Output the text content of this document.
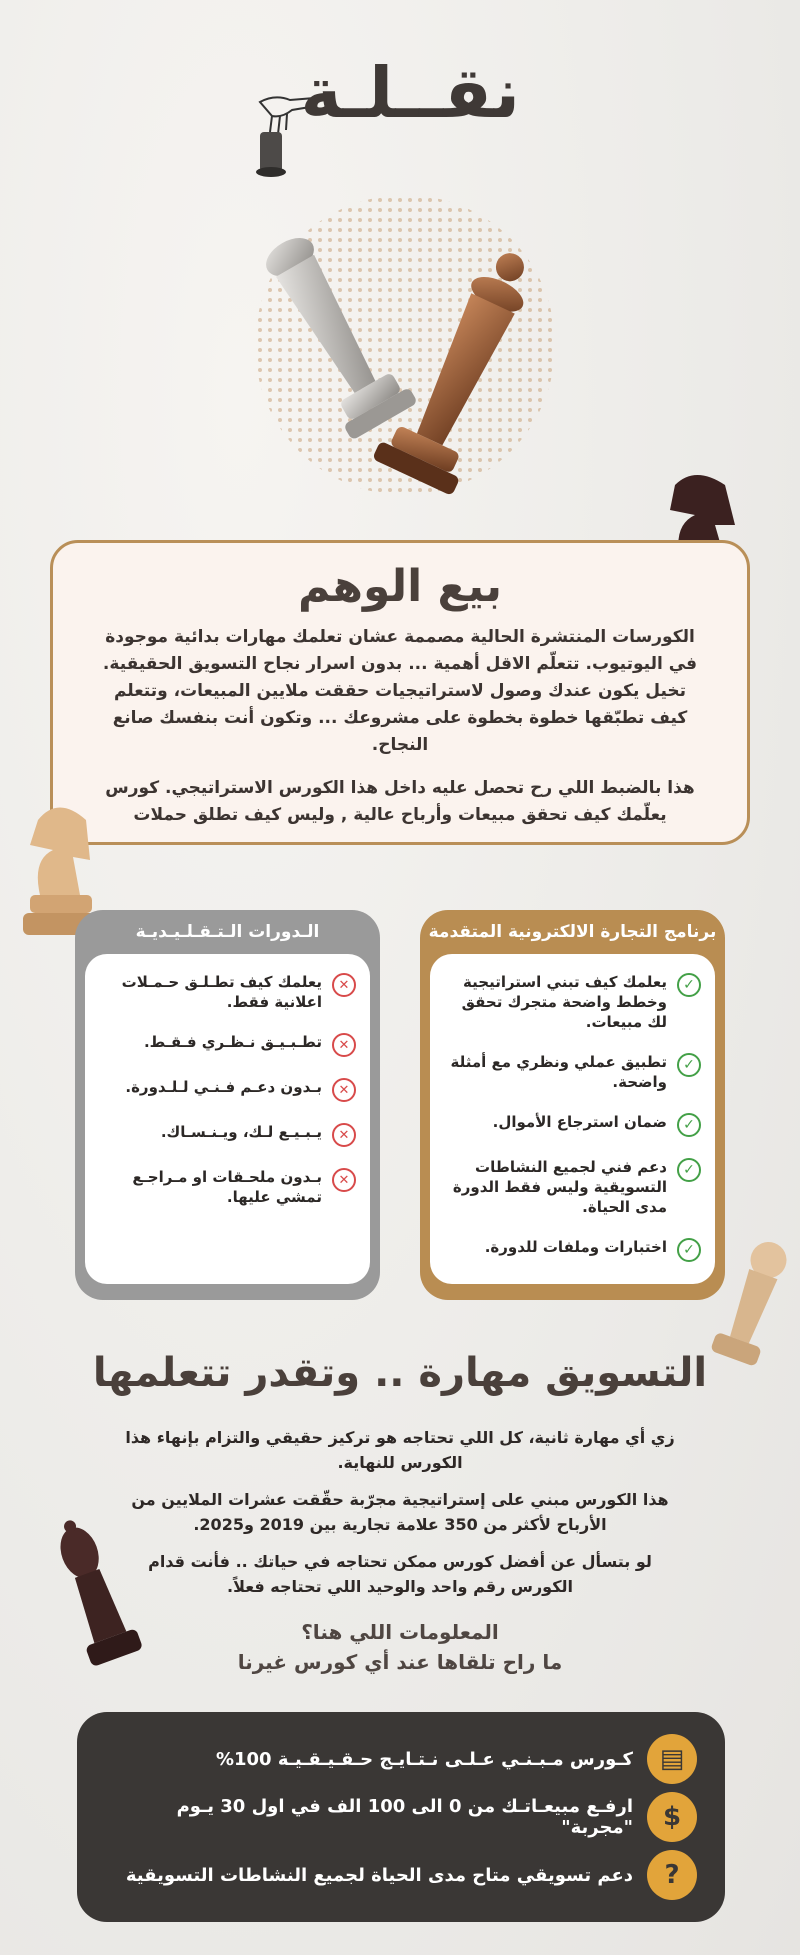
نقــلـة
بيع الوهم

الكورسات المنتشرة الحالية مصممة عشان تعلمك مهارات بدائية موجودة في اليوتيوب. تتعلّم الاقل أهمية ... بدون اسرار نجاح التسويق الحقيقية. تخيل يكون عندك وصول لاستراتيجيات حققت ملايين المبيعات، وتتعلم كيف تطبّقها خطوة بخطوة على مشروعك ... وتكون أنت بنفسك صانع النجاح.

هذا بالضبط اللي رح تحصل عليه داخل هذا الكورس الاستراتيجي. كورس يعلّمك كيف تحقق مبيعات وأرباح عالية , وليس كيف تطلق حملات

برنامج التجارة الالكترونية المتقدمة
✓
يعلمك كيف تبني استراتيجية وخطط واضحة متجرك تحقق لك مبيعات.
✓
تطبيق عملي ونظري مع أمثلة واضحة.
✓
ضمان استرجاع الأموال.
✓
دعم فني لجميع النشاطات التسويقية وليس فقط الدورة مدى الحياة.
✓
اختبارات وملفات للدورة.
الـدورات الـتـقـلـيـديـة
✕
يعلمك كيف تطـلـق حـمـلات اعلانية فقط.
✕
تطـبـيـق نـظـري فـقـط.
✕
بـدون دعـم فـنـي لـلـدورة.
✕
يـبـيـع لـك، ويـنـسـاك.
✕
بـدون ملحـقات او مـراجـع تمشي عليها.
التسويق مهارة .. وتقدر تتعلمها

زي أي مهارة ثانية، كل اللي تحتاجه هو تركيز حقيقي والتزام بإنهاء هذا الكورس للنهاية.

هذا الكورس مبني على إستراتيجية مجرّبة حقّقت عشرات الملايين من الأرباح لأكثر من 350 علامة تجارية بين 2019 و2025.

لو بتسأل عن أفضل كورس ممكن تحتاجه في حياتك .. فأنت قدام الكورس رقم واحد والوحيد اللي تحتاجه فعلاً.

المعلومات اللي هنا؟
ما راح تلقاها عند أي كورس غيرنا
▤
كـورس مـبـنـي عـلـى نـتـايـج حـقـيـقـيـة 100%
$
ارفـع مبيعـاتـك من 0 الى 100 الف في اول 30 يـوم "مجربة"
?
دعم تسويقي متاح مدى الحياة لجميع النشاطات التسويقية
